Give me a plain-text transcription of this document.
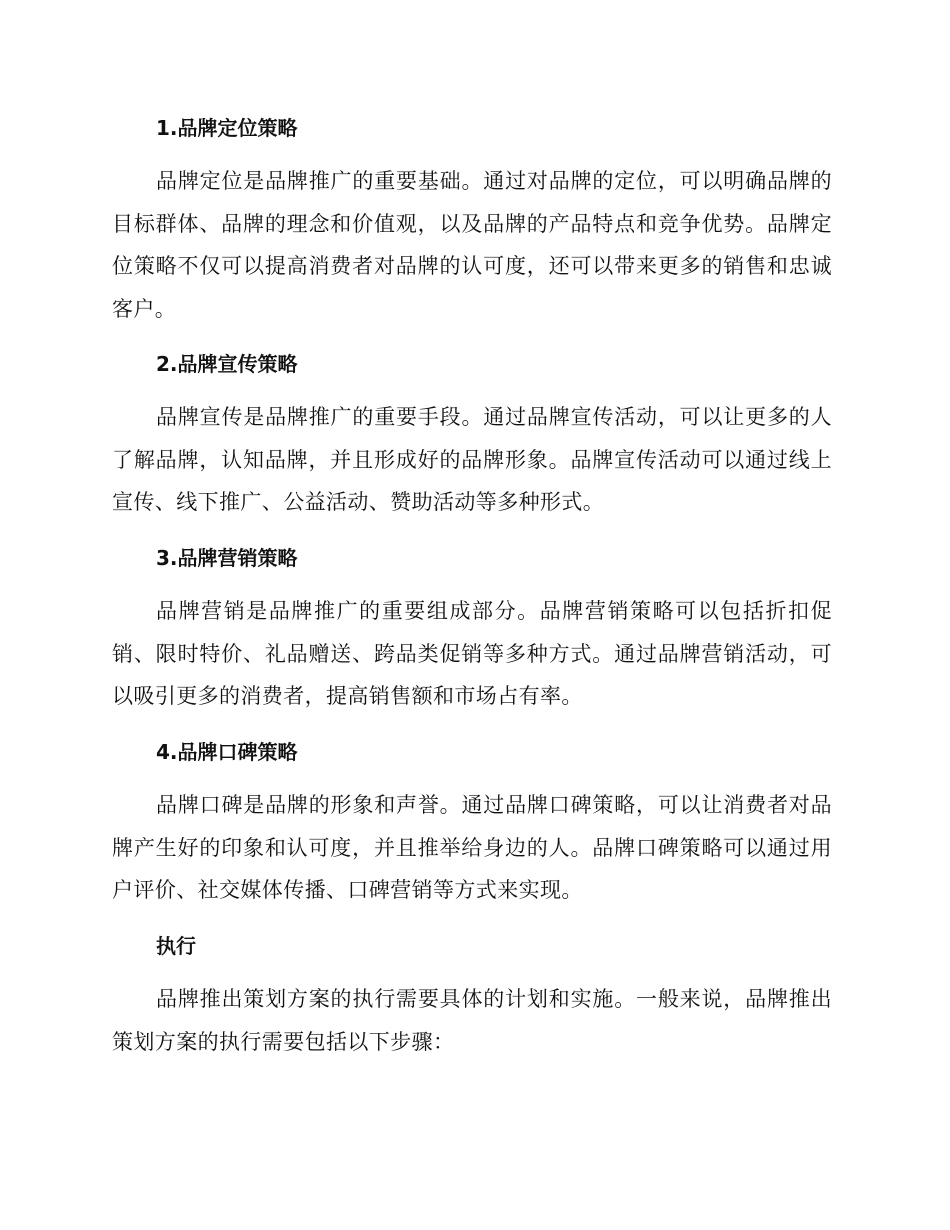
1.品牌定位策略

品牌定位是品牌推广的重要基础。通过对品牌的定位，可以明确品牌的目标群体、品牌的理念和价值观，以及品牌的产品特点和竞争优势。品牌定位策略不仅可以提高消费者对品牌的认可度，还可以带来更多的销售和忠诚客户。

2.品牌宣传策略

品牌宣传是品牌推广的重要手段。通过品牌宣传活动，可以让更多的人了解品牌，认知品牌，并且形成好的品牌形象。品牌宣传活动可以通过线上宣传、线下推广、公益活动、赞助活动等多种形式。

3.品牌营销策略

品牌营销是品牌推广的重要组成部分。品牌营销策略可以包括折扣促销、限时特价、礼品赠送、跨品类促销等多种方式。通过品牌营销活动，可以吸引更多的消费者，提高销售额和市场占有率。

4.品牌口碑策略

品牌口碑是品牌的形象和声誉。通过品牌口碑策略，可以让消费者对品牌产生好的印象和认可度，并且推举给身边的人。品牌口碑策略可以通过用户评价、社交媒体传播、口碑营销等方式来实现。

执行

品牌推出策划方案的执行需要具体的计划和实施。一般来说，品牌推出策划方案的执行需要包括以下步骤：
